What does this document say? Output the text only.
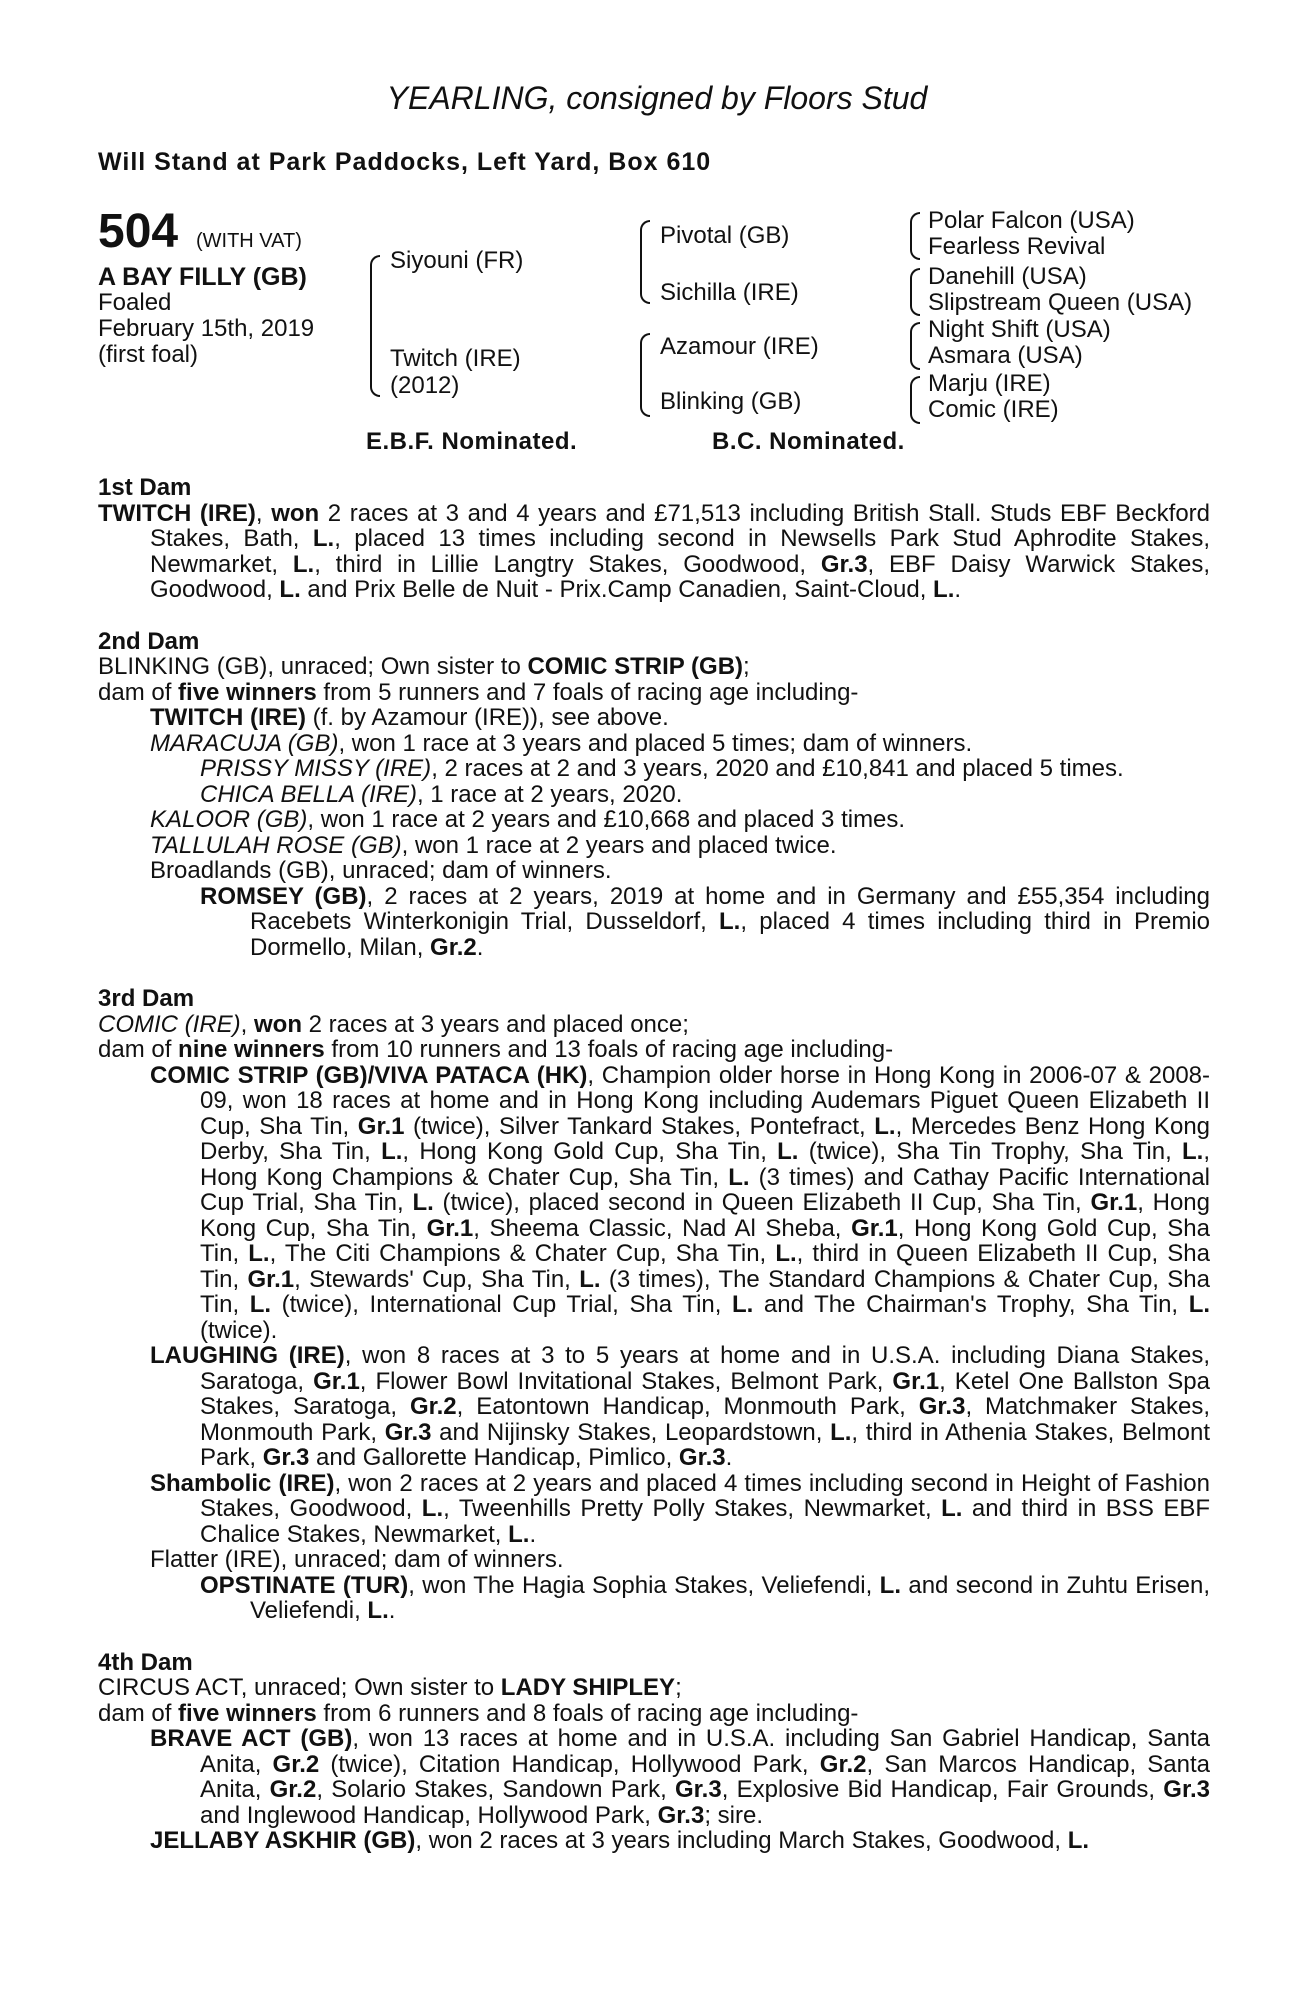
YEARLING, consigned by Floors Stud
Will Stand at Park Paddocks, Left Yard, Box 610
504 (WITH VAT)
A BAY FILLY (GB)
Foaled
February 15th, 2019
(first foal)
Siyouni (FR)
Twitch (IRE)
(2012)
Pivotal (GB)
Sichilla (IRE)
Azamour (IRE)
Blinking (GB)
Polar Falcon (USA)
Fearless Revival
Danehill (USA)
Slipstream Queen (USA)
Night Shift (USA)
Asmara (USA)
Marju (IRE)
Comic (IRE)
E.B.F. Nominated.	B.C. Nominated.
1st Dam
TWITCH (IRE), won 2 races at 3 and 4 years and £71,513 including British Stall. Studs EBF Beckford Stakes, Bath, L., placed 13 times including second in Newsells Park Stud Aphrodite Stakes, Newmarket, L., third in Lillie Langtry Stakes, Goodwood, Gr.3, EBF Daisy Warwick Stakes, Goodwood, L. and Prix Belle de Nuit - Prix.Camp Canadien, Saint-Cloud, L..
2nd Dam
BLINKING (GB), unraced; Own sister to COMIC STRIP (GB);
dam of five winners from 5 runners and 7 foals of racing age including-
TWITCH (IRE) (f. by Azamour (IRE)), see above.
MARACUJA (GB), won 1 race at 3 years and placed 5 times; dam of winners.
PRISSY MISSY (IRE), 2 races at 2 and 3 years, 2020 and £10,841 and placed 5 times.
CHICA BELLA (IRE), 1 race at 2 years, 2020.
KALOOR (GB), won 1 race at 2 years and £10,668 and placed 3 times.
TALLULAH ROSE (GB), won 1 race at 2 years and placed twice.
Broadlands (GB), unraced; dam of winners.
ROMSEY (GB), 2 races at 2 years, 2019 at home and in Germany and £55,354 including Racebets Winterkonigin Trial, Dusseldorf, L., placed 4 times including third in Premio Dormello, Milan, Gr.2.
3rd Dam
COMIC (IRE), won 2 races at 3 years and placed once;
dam of nine winners from 10 runners and 13 foals of racing age including-
COMIC STRIP (GB)/VIVA PATACA (HK), Champion older horse in Hong Kong in 2006-07 & 2008-09, won 18 races at home and in Hong Kong including Audemars Piguet Queen Elizabeth II Cup, Sha Tin, Gr.1 (twice), Silver Tankard Stakes, Pontefract, L., Mercedes Benz Hong Kong Derby, Sha Tin, L., Hong Kong Gold Cup, Sha Tin, L. (twice), Sha Tin Trophy, Sha Tin, L., Hong Kong Champions & Chater Cup, Sha Tin, L. (3 times) and Cathay Pacific International Cup Trial, Sha Tin, L. (twice), placed second in Queen Elizabeth II Cup, Sha Tin, Gr.1, Hong Kong Cup, Sha Tin, Gr.1, Sheema Classic, Nad Al Sheba, Gr.1, Hong Kong Gold Cup, Sha Tin, L., The Citi Champions & Chater Cup, Sha Tin, L., third in Queen Elizabeth II Cup, Sha Tin, Gr.1, Stewards' Cup, Sha Tin, L. (3 times), The Standard Champions & Chater Cup, Sha Tin, L. (twice), International Cup Trial, Sha Tin, L. and The Chairman's Trophy, Sha Tin, L. (twice).
LAUGHING (IRE), won 8 races at 3 to 5 years at home and in U.S.A. including Diana Stakes, Saratoga, Gr.1, Flower Bowl Invitational Stakes, Belmont Park, Gr.1, Ketel One Ballston Spa Stakes, Saratoga, Gr.2, Eatontown Handicap, Monmouth Park, Gr.3, Matchmaker Stakes, Monmouth Park, Gr.3 and Nijinsky Stakes, Leopardstown, L., third in Athenia Stakes, Belmont Park, Gr.3 and Gallorette Handicap, Pimlico, Gr.3.
Shambolic (IRE), won 2 races at 2 years and placed 4 times including second in Height of Fashion Stakes, Goodwood, L., Tweenhills Pretty Polly Stakes, Newmarket, L. and third in BSS EBF Chalice Stakes, Newmarket, L..
Flatter (IRE), unraced; dam of winners.
OPSTINATE (TUR), won The Hagia Sophia Stakes, Veliefendi, L. and second in Zuhtu Erisen, Veliefendi, L..
4th Dam
CIRCUS ACT, unraced; Own sister to LADY SHIPLEY;
dam of five winners from 6 runners and 8 foals of racing age including-
BRAVE ACT (GB), won 13 races at home and in U.S.A. including San Gabriel Handicap, Santa Anita, Gr.2 (twice), Citation Handicap, Hollywood Park, Gr.2, San Marcos Handicap, Santa Anita, Gr.2, Solario Stakes, Sandown Park, Gr.3, Explosive Bid Handicap, Fair Grounds, Gr.3 and Inglewood Handicap, Hollywood Park, Gr.3; sire.
JELLABY ASKHIR (GB), won 2 races at 3 years including March Stakes, Goodwood, L.
